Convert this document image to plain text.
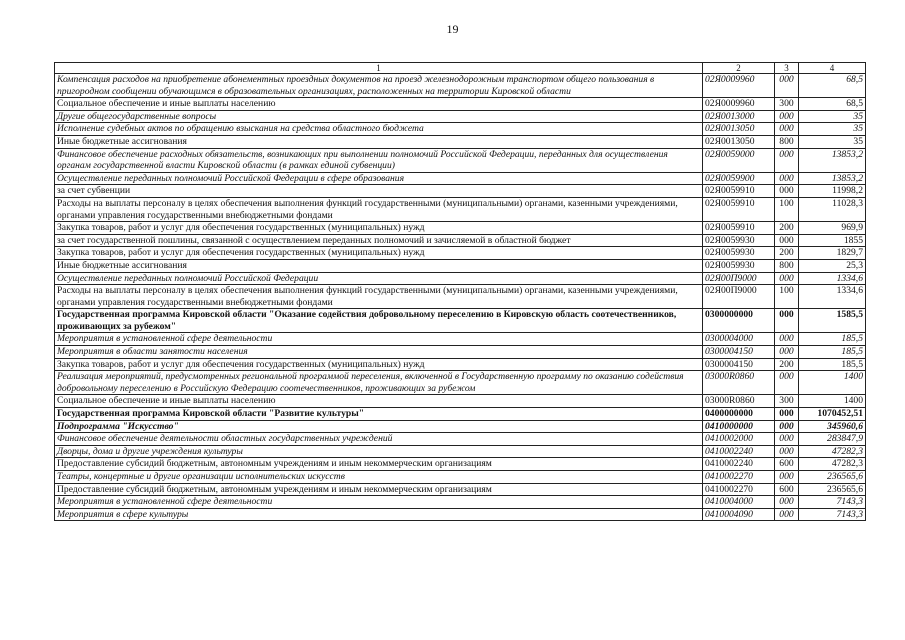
19
1	2	3	4
Компенсация расходов на приобретение абонементных проездных документов на проезд железнодорожным транспортом общего пользования в пригородном сообщении обучающимся в образовательных организациях, расположенных на территории Кировской области	02Я0009960	000	68,5
Социальное обеспечение и иные выплаты населению	02Я0009960	300	68,5
Другие общегосударственные вопросы	02Я0013000	000	35
Исполнение судебных актов по обращению взыскания на средства областного бюджета	02Я0013050	000	35
Иные бюджетные ассигнования	02Я0013050	800	35
Финансовое обеспечение расходных обязательств, возникающих при выполнении полномочий Российской Федерации, переданных для осуществления органам государственной власти Кировской области (в рамках единой субвенции)	02Я0059000	000	13853,2
Осуществление переданных полномочий Российской Федерации в сфере образования	02Я0059900	000	13853,2
за счет субвенции	02Я0059910	000	11998,2
Расходы на выплаты персоналу в целях обеспечения выполнения функций государственными (муниципальными) органами, казенными учреждениями, органами управления государственными внебюджетными фондами	02Я0059910	100	11028,3
Закупка товаров, работ и услуг для обеспечения государственных (муниципальных) нужд	02Я0059910	200	969,9
за счет государственной пошлины, связанной с осуществлением переданных полномочий и зачисляемой в областной бюджет	02Я0059930	000	1855
Закупка товаров, работ и услуг для обеспечения государственных (муниципальных) нужд	02Я0059930	200	1829,7
Иные бюджетные ассигнования	02Я0059930	800	25,3
Осуществление переданных полномочий Российской Федерации	02Я00П9000	000	1334,6
Расходы на выплаты персоналу в целях обеспечения выполнения функций государственными (муниципальными) органами, казенными учреждениями, органами управления государственными внебюджетными фондами	02Я00П9000	100	1334,6
Государственная программа Кировской области "Оказание содействия добровольному переселению в Кировскую область соотечественников, проживающих за рубежом"	0300000000	000	1585,5
Мероприятия в установленной сфере деятельности	0300004000	000	185,5
Мероприятия в области занятости населения	0300004150	000	185,5
Закупка товаров, работ и услуг для обеспечения государственных (муниципальных) нужд	0300004150	200	185,5
Реализация мероприятий, предусмотренных региональной программой переселения, включенной в Государственную программу по оказанию содействия добровольному переселению в Российскую Федерацию соотечественников, проживающих за рубежом	03000R0860	000	1400
Социальное обеспечение и иные выплаты населению	03000R0860	300	1400
Государственная программа Кировской области "Развитие культуры"	0400000000	000	1070452,51
Подпрограмма "Искусство"	0410000000	000	345960,6
Финансовое обеспечение деятельности областных государственных учреждений	0410002000	000	283847,9
Дворцы, дома и другие учреждения культуры	0410002240	000	47282,3
Предоставление субсидий бюджетным, автономным учреждениям и иным некоммерческим организациям	0410002240	600	47282,3
Театры, концертные и другие организации исполнительских искусств	0410002270	000	236565,6
Предоставление субсидий бюджетным, автономным учреждениям и иным некоммерческим организациям	0410002270	600	236565,6
Мероприятия в установленной сфере деятельности	0410004000	000	7143,3
Мероприятия в сфере культуры	0410004090	000	7143,3
